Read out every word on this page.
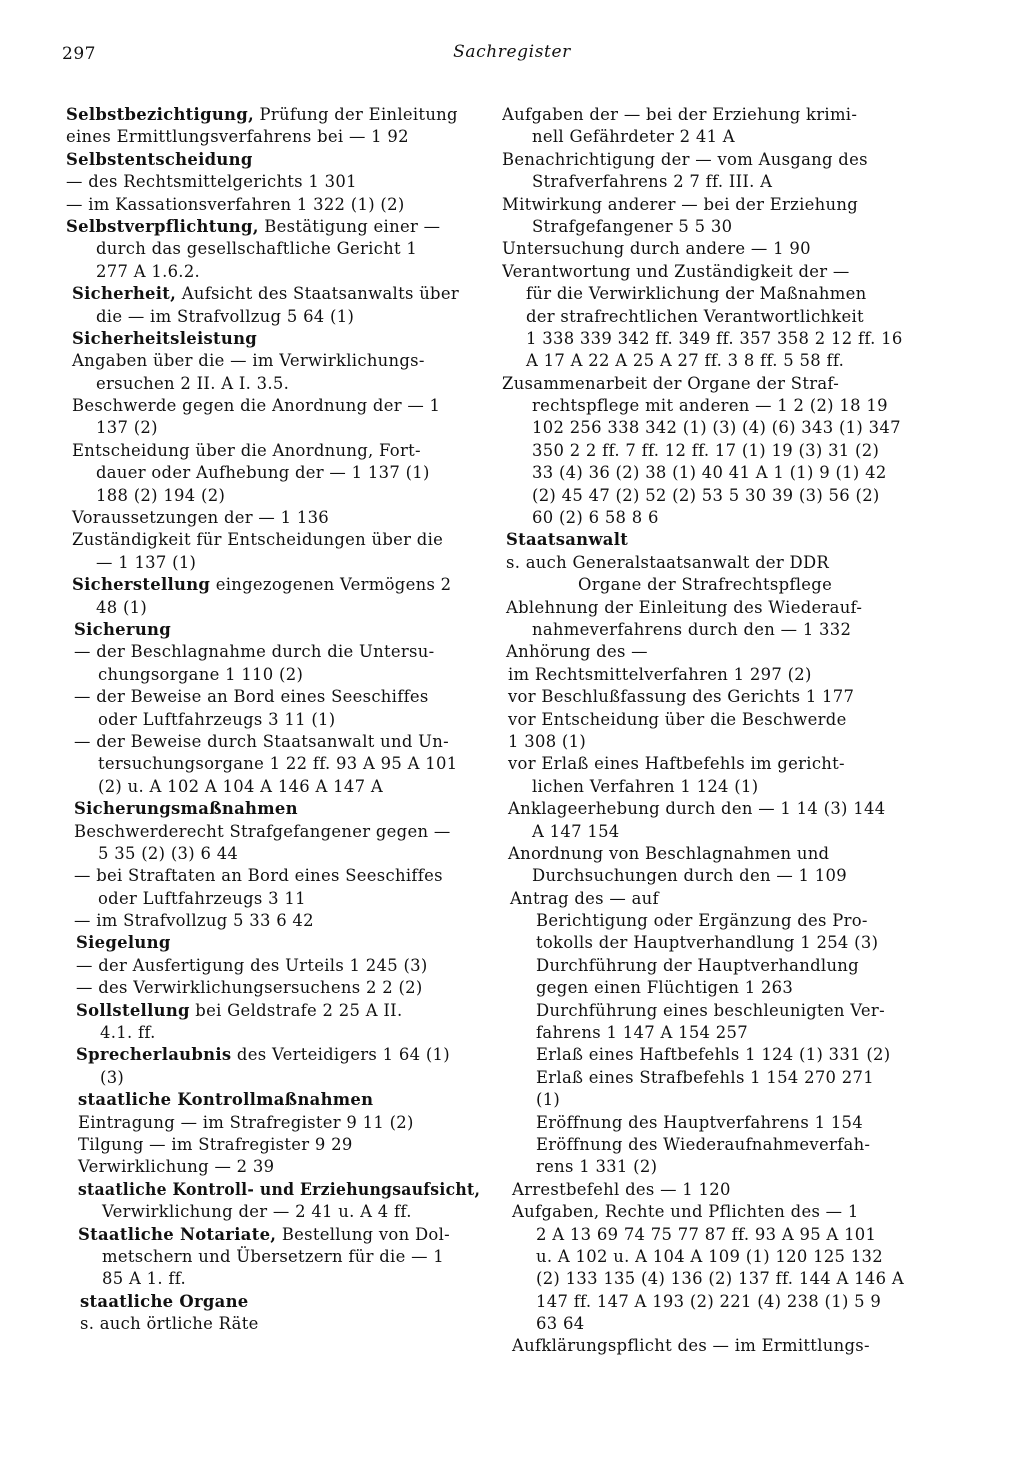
297	Sachregister
Selbstbezichtigung, Prüfung der Einleitung
eines Ermittlungsverfahrens bei — 1 92
Selbstentscheidung
— des Rechtsmittelgerichts 1 301
— im Kassationsverfahren 1 322 (1) (2)
Selbstverpflichtung, Bestätigung einer —
durch das gesellschaftliche Gericht 1
277 A 1.6.2.
Sicherheit, Aufsicht des Staatsanwalts über
die — im Strafvollzug 5 64 (1)
Sicherheitsleistung
Angaben über die — im Verwirklichungs-
ersuchen 2 II. A I. 3.5.
Beschwerde gegen die Anordnung der — 1
137 (2)
Entscheidung über die Anordnung, Fort-
dauer oder Aufhebung der — 1 137 (1)
188 (2) 194 (2)
Voraussetzungen der — 1 136
Zuständigkeit für Entscheidungen über die
— 1 137 (1)
Sicherstellung eingezogenen Vermögens 2
48 (1)
Sicherung
— der Beschlagnahme durch die Untersu-
chungsorgane 1 110 (2)
— der Beweise an Bord eines Seeschiffes
oder Luftfahrzeugs 3 11 (1)
— der Beweise durch Staatsanwalt und Un-
tersuchungsorgane 1 22 ff. 93 A 95 A 101
(2) u. A 102 A 104 A 146 A 147 A
Sicherungsmaßnahmen
Beschwerderecht Strafgefangener gegen —
5 35 (2) (3) 6 44
— bei Straftaten an Bord eines Seeschiffes
oder Luftfahrzeugs 3 11
— im Strafvollzug 5 33 6 42
Siegelung
— der Ausfertigung des Urteils 1 245 (3)
— des Verwirklichungsersuchens 2 2 (2)
Sollstellung bei Geldstrafe 2 25 A II.
4.1. ff.
Sprecherlaubnis des Verteidigers 1 64 (1)
(3)
staatliche Kontrollmaßnahmen
Eintragung — im Strafregister 9 11 (2)
Tilgung — im Strafregister 9 29
Verwirklichung — 2 39
staatliche Kontroll- und Erziehungsaufsicht,
Verwirklichung der — 2 41 u. A 4 ff.
Staatliche Notariate, Bestellung von Dol-
metschern und Übersetzern für die — 1
85 A 1. ff.
staatliche Organe
s. auch örtliche Räte
Aufgaben der — bei der Erziehung krimi-
nell Gefährdeter 2 41 A
Benachrichtigung der — vom Ausgang des
Strafverfahrens 2 7 ff. III. A
Mitwirkung anderer — bei der Erziehung
Strafgefangener 5 5 30
Untersuchung durch andere — 1 90
Verantwortung und Zuständigkeit der —
für die Verwirklichung der Maßnahmen
der strafrechtlichen Verantwortlichkeit
1 338 339 342 ff. 349 ff. 357 358 2 12 ff. 16
A 17 A 22 A 25 A 27 ff. 3 8 ff. 5 58 ff.
Zusammenarbeit der Organe der Straf-
rechtspflege mit anderen — 1 2 (2) 18 19
102 256 338 342 (1) (3) (4) (6) 343 (1) 347
350 2 2 ff. 7 ff. 12 ff. 17 (1) 19 (3) 31 (2)
33 (4) 36 (2) 38 (1) 40 41 A 1 (1) 9 (1) 42
(2) 45 47 (2) 52 (2) 53 5 30 39 (3) 56 (2)
60 (2) 6 58 8 6
Staatsanwalt
s. auch Generalstaatsanwalt der DDR
Organe der Strafrechtspflege
Ablehnung der Einleitung des Wiederauf-
nahmeverfahrens durch den — 1 332
Anhörung des —
im Rechtsmittelverfahren 1 297 (2)
vor Beschlußfassung des Gerichts 1 177
vor Entscheidung über die Beschwerde
1 308 (1)
vor Erlaß eines Haftbefehls im gericht-
lichen Verfahren 1 124 (1)
Anklageerhebung durch den — 1 14 (3) 144
A 147 154
Anordnung von Beschlagnahmen und
Durchsuchungen durch den — 1 109
Antrag des — auf
Berichtigung oder Ergänzung des Pro-
tokolls der Hauptverhandlung 1 254 (3)
Durchführung der Hauptverhandlung
gegen einen Flüchtigen 1 263
Durchführung eines beschleunigten Ver-
fahrens 1 147 A 154 257
Erlaß eines Haftbefehls 1 124 (1) 331 (2)
Erlaß eines Strafbefehls 1 154 270 271
(1)
Eröffnung des Hauptverfahrens 1 154
Eröffnung des Wiederaufnahmeverfah-
rens 1 331 (2)
Arrestbefehl des — 1 120
Aufgaben, Rechte und Pflichten des — 1
2 A 13 69 74 75 77 87 ff. 93 A 95 A 101
u. A 102 u. A 104 A 109 (1) 120 125 132
(2) 133 135 (4) 136 (2) 137 ff. 144 A 146 A
147 ff. 147 A 193 (2) 221 (4) 238 (1) 5 9
63 64
Aufklärungspflicht des — im Ermittlungs-
